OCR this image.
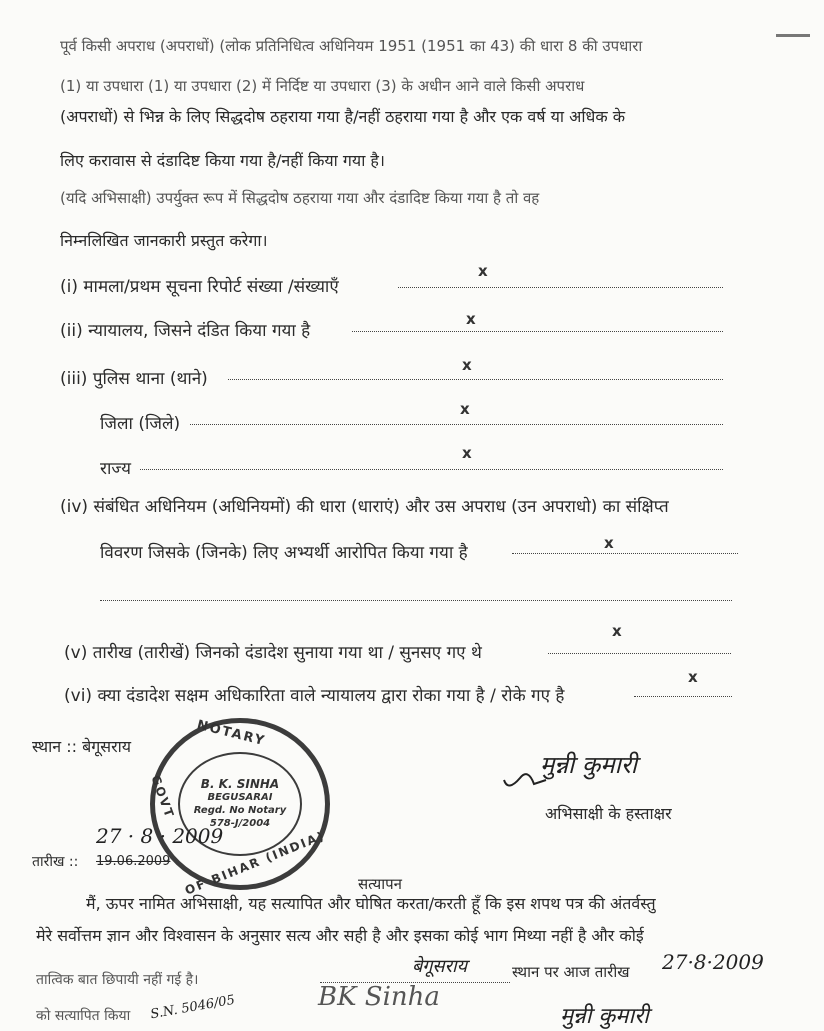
पूर्व किसी अपराध (अपराधों) (लोक प्रतिनिधित्व अधिनियम 1951 (1951 का 43) की धारा 8 की उपधारा
(1) या उपधारा (1) या उपधारा (2) में निर्दिष्ट या उपधारा (3) के अधीन आने वाले किसी अपराध
(अपराधों) से भिन्न के लिए सिद्धदोष ठहराया गया है/नहीं ठहराया गया है और एक वर्ष या अधिक के
लिए करावास से दंडादिष्ट किया गया है/नहीं किया गया है।
(यदि अभिसाक्षी) उपर्युक्त रूप में सिद्धदोष ठहराया गया और दंडादिष्ट किया गया है तो वह
निम्नलिखित जानकारी प्रस्तुत करेगा।
(i) मामला/प्रथम सूचना रिपोर्ट संख्या /संख्याएँ
x
(ii) न्यायालय, जिसने दंडित किया गया है
x
(iii) पुलिस थाना (थाने)
x
जिला (जिले)
x
राज्य
x
(iv) संबंधित अधिनियम (अधिनियमों) की धारा (धाराएं) और उस अपराध (उन अपराधो) का संक्षिप्त
विवरण जिसके (जिनके) लिए अभ्यर्थी आरोपित किया गया है	x
(v) तारीख (तारीखें) जिनको दंडादेश सुनाया गया था / सुनसए गए थे
x
(vi) क्या दंडादेश सक्षम अधिकारिता वाले न्यायालय द्वारा रोका गया है / रोके गए है
x
स्थान :: बेगूसराय	NOTARY
GOVT
OF BIHAR (INDIA)
B. K. SINHA
BEGUSARAI
Regd. No Notary
578-J/2004
मुन्नी कुमारी
अभिसाक्षी के हस्ताक्षर
27 · 8 · 2009
तारीख :: 19.06.2009
सत्यापन
मैं, ऊपर नामित अभिसाक्षी, यह सत्यापित और घोषित करता/करती हूँ कि इस शपथ पत्र की अंतर्वस्तु
मेरे सर्वोत्तम ज्ञान और विश्वासन के अनुसार सत्य और सही है और इसका कोई भाग मिथ्या नहीं है और कोई
तात्विक बात छिपायी नहीं गई है।
बेगूसराय	स्थान पर आज तारीख 27·8·2009
को सत्यापित किया S.N. 5046/05	BK Sinha
मुन्नी कुमारी
